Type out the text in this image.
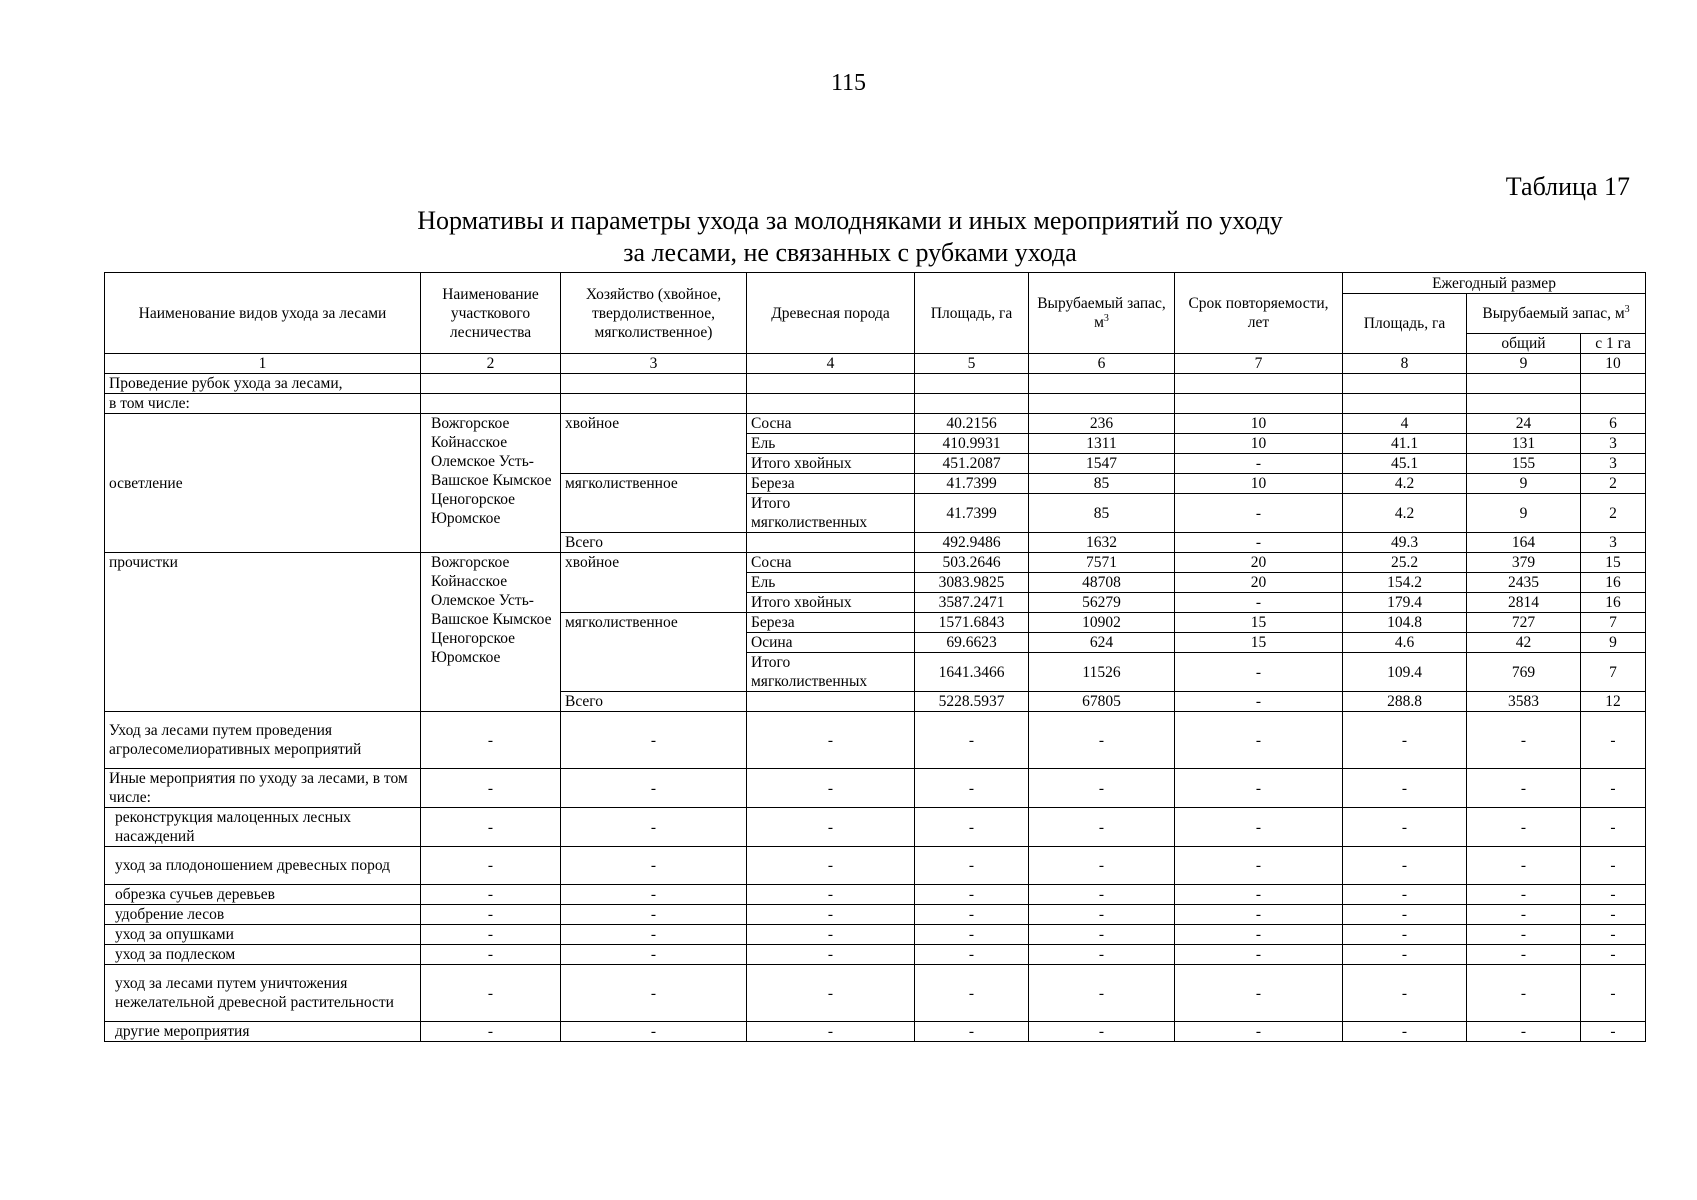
115
Таблица 17
Нормативы и параметры ухода за молодняками и иных мероприятий по уходу
за лесами, не связанных с рубками ухода
Наименование видов ухода за лесами	Наименование участкового лесничества	Хозяйство (хвойное, твердолиственное, мягколиственное)	Древесная порода	Площадь, га	Вырубаемый запас, $м^3$	Срок повторяемости, лет	Ежегодный размер		
							Площадь, га	Вырубаемый запас, $м^3$
								общий	с 1 га
1	2	3	4	5	6	7	8	9	10
Проведение рубок ухода за лесами,									
в том числе:									
осветление	Вожгорское Койнасское Олемское Усть-Вашское Кымское Ценогорское Юромское	хвойное	Сосна	40.2156	236	10	4	24	6
			Ель	410.9931	1311	10	41.1	131	3
			Итого хвойных	451.2087	1547	-	45.1	155	3
		мягколиственное	Береза	41.7399	85	10	4.2	9	2
			Итого мягколиственных	41.7399	85	-	4.2	9	2
		Всего		492.9486	1632	-	49.3	164	3
прочистки	Вожгорское Койнасское Олемское Усть-Вашское Кымское Ценогорское Юромское	хвойное	Сосна	503.2646	7571	20	25.2	379	15
			Ель	3083.9825	48708	20	154.2	2435	16
			Итого хвойных	3587.2471	56279	-	179.4	2814	16
		мягколиственное	Береза	1571.6843	10902	15	104.8	727	7
			Осина	69.6623	624	15	4.6	42	9
			Итого мягколиственных	1641.3466	11526	-	109.4	769	7
		Всего		5228.5937	67805	-	288.8	3583	12
Уход за лесами путем проведения агролесомелиоративных мероприятий	-	-	-	-	-	-	-	-	-
Иные мероприятия по уходу за лесами, в том числе:	-	-	-	-	-	-	-	-	-
реконструкция малоценных лесных насаждений	-	-	-	-	-	-	-	-	-
уход за плодоношением древесных пород	-	-	-	-	-	-	-	-	-
обрезка сучьев деревьев	-	-	-	-	-	-	-	-	-
удобрение лесов	-	-	-	-	-	-	-	-	-
уход за опушками	-	-	-	-	-	-	-	-	-
уход за подлеском	-	-	-	-	-	-	-	-	-
уход за лесами путем уничтожения нежелательной древесной растительности	-	-	-	-	-	-	-	-	-
другие мероприятия	-	-	-	-	-	-	-	-	-
